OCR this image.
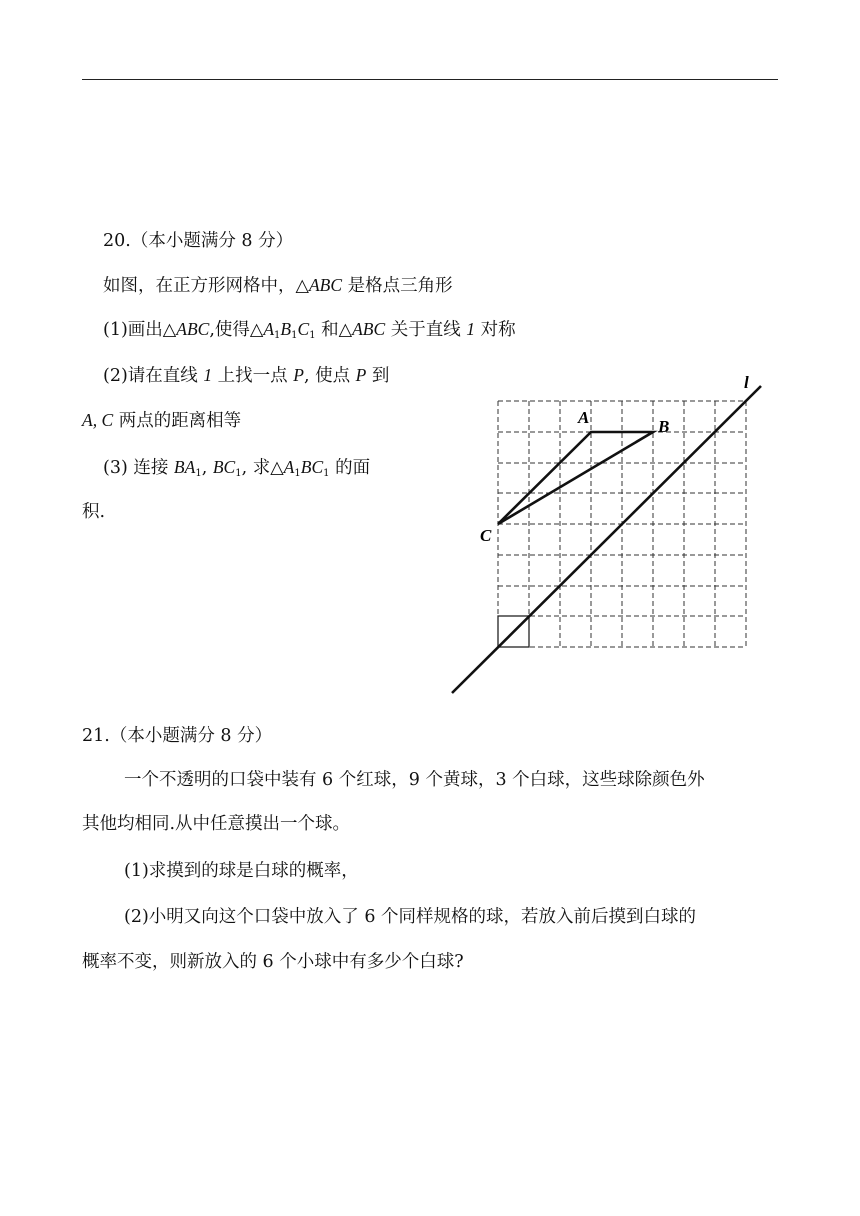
20.（本小题满分 8 分）
如图，在正方形网格中，△ABC 是格点三角形
(1)画出△ABC,使得$\triangle A_1B_1C_1$ 和△ABC 关于直线 1 对称
(2)请在直线 1 上找一点 P, 使点 P 到
A, C 两点的距离相等
(3) 连接 $BA_1$, $BC_1$, 求$\triangle A_1BC_1$ 的面
积.
A	B
C
l
21.（本小题满分 8 分）
一个不透明的口袋中装有 6 个红球，9 个黄球，3 个白球，这些球除颜色外
其他均相同.从中任意摸出一个球。
(1)求摸到的球是白球的概率，
(2)小明又向这个口袋中放入了 6 个同样规格的球，若放入前后摸到白球的
概率不变，则新放入的 6 个小球中有多少个白球?
